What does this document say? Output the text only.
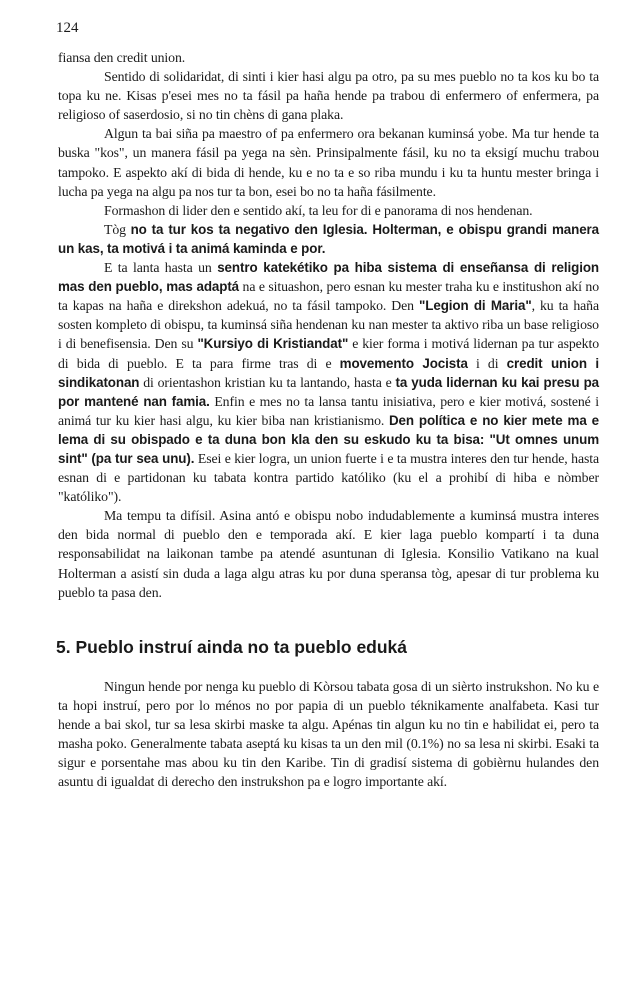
124

fiansa den credit union.

Sentido di solidaridat, di sinti i kier hasi algu pa otro, pa su mes pueblo no ta kos ku bo ta topa ku ne. Kisas p'esei mes no ta fásil pa haña hende pa trabou di enfermero of enfermera, pa religioso of saserdosio, si no tin chèns di gana plaka.

Algun ta bai siña pa maestro of pa enfermero ora bekanan kuminsá yobe. Ma tur hende ta buska "kos", un manera fásil pa yega na sèn. Prinsipalmente fásil, ku no ta eksigí muchu trabou tampoko. E aspekto akí di bida di hende, ku e no ta e so riba mundu i ku ta huntu mester bringa i lucha pa yega na algu pa nos tur ta bon, esei bo no ta haña fásilmente.

Formashon di lider den e sentido akí, ta leu for di e panorama di nos hendenan.

Tòg no ta tur kos ta negativo den Iglesia. Holterman, e obispu grandi manera un kas, ta motivá i ta animá kaminda e por.

E ta lanta hasta un sentro katekétiko pa hiba sistema di enseñansa di religion mas den pueblo, mas adaptá na e situashon, pero esnan ku mester traha ku e institushon akí no ta kapas na haña e direkshon adekuá, no ta fásil tampoko. Den "Legion di Maria", ku ta haña sosten kompleto di obispu, ta kuminsá siña hendenan ku nan mester ta aktivo riba un base religioso i di benefisensia. Den su "Kursiyo di Kristiandat" e kier forma i motivá lidernan pa tur aspekto di bida di pueblo. E ta para firme tras di e movemento Jocista i di credit union i sindikatonan di orientashon kristian ku ta lantando, hasta e ta yuda lidernan ku kai presu pa por mantené nan famia. Enfin e mes no ta lansa tantu inisiativa, pero e kier motivá, sostené i animá tur ku kier hasi algu, ku kier biba nan kristianismo. Den política e no kier mete ma e lema di su obispado e ta duna bon kla den su eskudo ku ta bisa: "Ut omnes unum sint" (pa tur sea unu). Esei e kier logra, un union fuerte i e ta mustra interes den tur hende, hasta esnan di e partidonan ku tabata kontra partido katóliko (ku el a prohibí di hiba e nòmber "katóliko").

Ma tempu ta difísil. Asina antó e obispu nobo indudablemente a kuminsá mustra interes den bida normal di pueblo den e temporada akí. E kier laga pueblo kompartí i ta duna responsabilidat na laikonan tambe pa atendé asuntunan di Iglesia. Konsilio Vatikano na kual Holterman a asistí sin duda a laga algu atras ku por duna speransa tòg, apesar di tur problema ku pueblo ta pasa den.

5. Pueblo instruí ainda no ta pueblo eduká

Ningun hende por nenga ku pueblo di Kòrsou tabata gosa di un sièrto instrukshon. No ku e ta hopi instruí, pero por lo ménos no por papia di un pueblo téknikamente analfabeta. Kasi tur hende a bai skol, tur sa lesa skirbi maske ta algu. Apénas tin algun ku no tin e habilidat ei, pero ta masha poko. Generalmente tabata aseptá ku kisas ta un den mil (0.1%) no sa lesa ni skirbi. Esaki ta sigur e porsentahe mas abou ku tin den Karibe. Tin di gradisí sistema di gobièrnu hulandes den asuntu di igualdat di derecho den instrukshon pa e logro importante akí.
